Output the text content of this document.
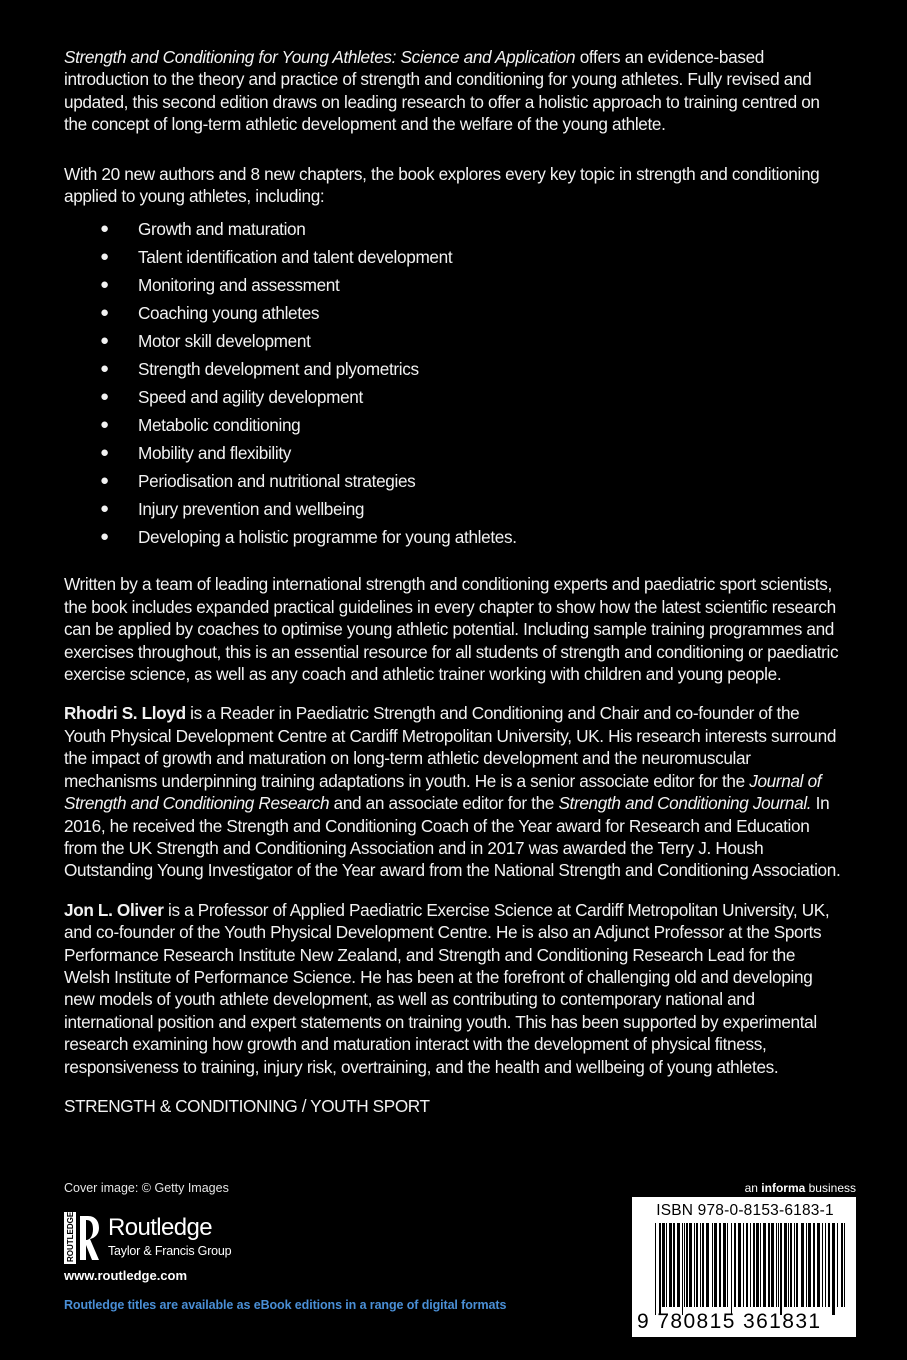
Strength and Conditioning for Young Athletes: Science and Application offers an evidence-based introduction to the theory and practice of strength and conditioning for young athletes. Fully revised and updated, this second edition draws on leading research to offer a holistic approach to training centred on the concept of long-term athletic development and the welfare of the young athlete.

With 20 new authors and 8 new chapters, the book explores every key topic in strength and conditioning applied to young athletes, including:

● Growth and maturation
● Talent identification and talent development
● Monitoring and assessment
● Coaching young athletes
● Motor skill development
● Strength development and plyometrics
● Speed and agility development
● Metabolic conditioning
● Mobility and flexibility
● Periodisation and nutritional strategies
● Injury prevention and wellbeing
● Developing a holistic programme for young athletes.

Written by a team of leading international strength and conditioning experts and paediatric sport scientists, the book includes expanded practical guidelines in every chapter to show how the latest scientific research can be applied by coaches to optimise young athletic potential. Including sample training programmes and exercises throughout, this is an essential resource for all students of strength and conditioning or paediatric exercise science, as well as any coach and athletic trainer working with children and young people.

Rhodri S. Lloyd is a Reader in Paediatric Strength and Conditioning and Chair and co-founder of the Youth Physical Development Centre at Cardiff Metropolitan University, UK. His research interests surround the impact of growth and maturation on long-term athletic development and the neuromuscular mechanisms underpinning training adaptations in youth. He is a senior associate editor for the Journal of Strength and Conditioning Research and an associate editor for the Strength and Conditioning Journal. In 2016, he received the Strength and Conditioning Coach of the Year award for Research and Education from the UK Strength and Conditioning Association and in 2017 was awarded the Terry J. Housh Outstanding Young Investigator of the Year award from the National Strength and Conditioning Association.

Jon L. Oliver is a Professor of Applied Paediatric Exercise Science at Cardiff Metropolitan University, UK, and co-founder of the Youth Physical Development Centre. He is also an Adjunct Professor at the Sports Performance Research Institute New Zealand, and Strength and Conditioning Research Lead for the Welsh Institute of Performance Science. He has been at the forefront of challenging old and developing new models of youth athlete development, as well as contributing to contemporary national and international position and expert statements on training youth. This has been supported by experimental research examining how growth and maturation interact with the development of physical fitness, responsiveness to training, injury risk, overtraining, and the health and wellbeing of young athletes.

STRENGTH & CONDITIONING / YOUTH SPORT

Cover image: © Getty Images
ROUTLEDGE Routledge
Taylor & Francis Group
www.routledge.com
Routledge titles are available as eBook editions in a range of digital formats
an informa business
ISBN 978-0-8153-6183-1
9 780815 361831
